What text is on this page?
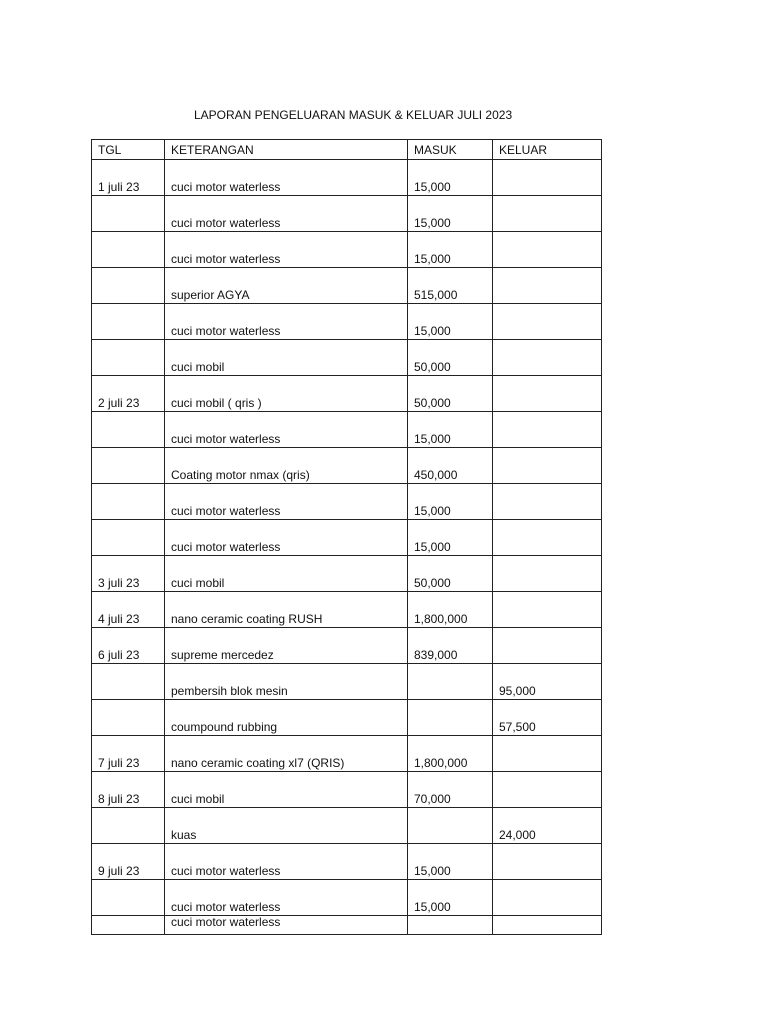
LAPORAN PENGELUARAN MASUK & KELUAR JULI 2023
TGL	KETERANGAN	MASUK	KELUAR
1 juli 23	cuci motor waterless	15,000	
	cuci motor waterless	15,000	
	cuci motor waterless	15,000	
	superior AGYA	515,000	
	cuci motor waterless	15,000	
	cuci mobil	50,000	
2 juli 23	cuci mobil ( qris )	50,000	
	cuci motor waterless	15,000	
	Coating motor nmax (qris)	450,000	
	cuci motor waterless	15,000	
	cuci motor waterless	15,000	
3 juli 23	cuci mobil	50,000	
4 juli 23	nano ceramic coating RUSH	1,800,000	
6 juli 23	supreme mercedez	839,000	
	pembersih blok mesin		95,000
	coumpound rubbing		57,500
7 juli 23	nano ceramic coating xl7 (QRIS)	1,800,000	
8 juli 23	cuci mobil	70,000	
	kuas		24,000
9 juli 23	cuci motor waterless	15,000	
	cuci motor waterless	15,000	
	cuci motor waterless		
